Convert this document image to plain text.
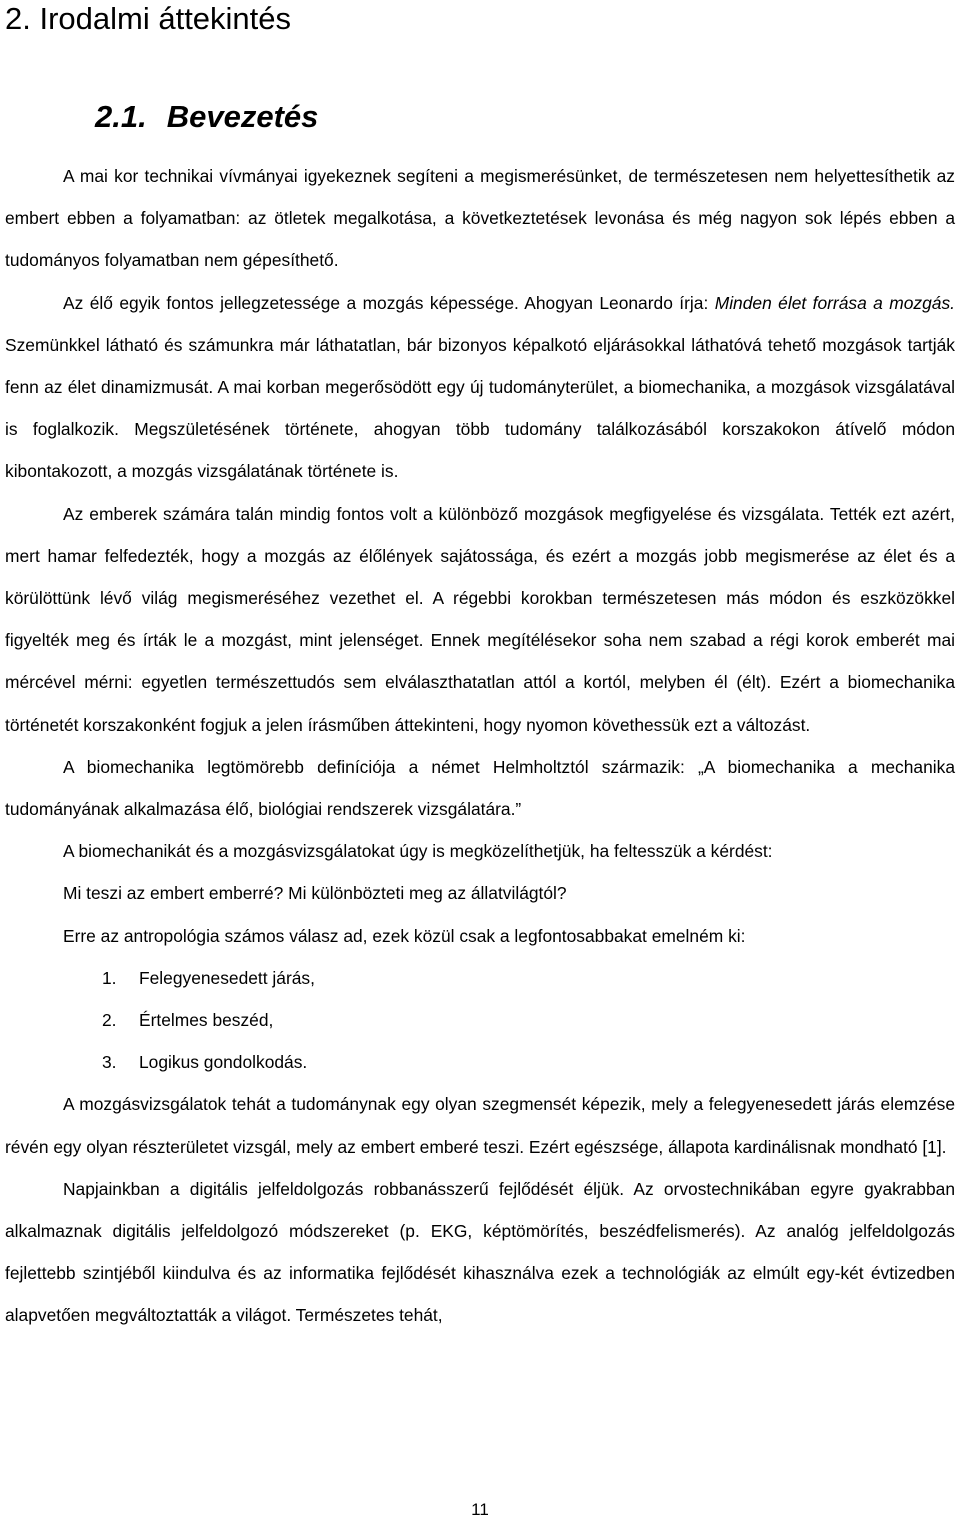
2. Irodalmi áttekintés
2.1. Bevezetés

A mai kor technikai vívmányai igyekeznek segíteni a megismerésünket, de természetesen nem helyettesíthetik az embert ebben a folyamatban: az ötletek megalkotása, a következtetések levonása és még nagyon sok lépés ebben a tudományos folyamatban nem gépesíthető.

Az élő egyik fontos jellegzetessége a mozgás képessége. Ahogyan Leonardo írja: Minden élet forrása a mozgás. Szemünkkel látható és számunkra már láthatatlan, bár bizonyos képalkotó eljárásokkal láthatóvá tehető mozgások tartják fenn az élet dinamizmusát. A mai korban megerősödött egy új tudományterület, a biomechanika, a mozgások vizsgálatával is foglalkozik. Megszületésének története, ahogyan több tudomány találkozásából korszakokon átívelő módon kibontakozott, a mozgás vizsgálatának története is.

Az emberek számára talán mindig fontos volt a különböző mozgások megfigyelése és vizsgálata. Tették ezt azért, mert hamar felfedezték, hogy a mozgás az élőlények sajátossága, és ezért a mozgás jobb megismerése az élet és a körülöttünk lévő világ megismeréséhez vezethet el. A régebbi korokban természetesen más módon és eszközökkel figyelték meg és írták le a mozgást, mint jelenséget. Ennek megítélésekor soha nem szabad a régi korok emberét mai mércével mérni: egyetlen természettudós sem elválaszthatatlan attól a kortól, melyben él (élt). Ezért a biomechanika történetét korszakonként fogjuk a jelen írásműben áttekinteni, hogy nyomon követhessük ezt a változást.

A biomechanika legtömörebb definíciója a német Helmholtztól származik: „A biomechanika a mechanika tudományának alkalmazása élő, biológiai rendszerek vizsgálatára.”

A biomechanikát és a mozgásvizsgálatokat úgy is megközelíthetjük, ha feltesszük a kérdést:

Mi teszi az embert emberré? Mi különbözteti meg az állatvilágtól?

Erre az antropológia számos válasz ad, ezek közül csak a legfontosabbakat emelném ki:

1. Felegyenesedett járás,
2. Értelmes beszéd,
3. Logikus gondolkodás.

A mozgásvizsgálatok tehát a tudománynak egy olyan szegmensét képezik, mely a felegyenesedett járás elemzése révén egy olyan részterületet vizsgál, mely az embert emberé teszi. Ezért egészsége, állapota kardinálisnak mondható [1].

Napjainkban a digitális jelfeldolgozás robbanásszerű fejlődését éljük. Az orvostechnikában egyre gyakrabban alkalmaznak digitális jelfeldolgozó módszereket (p. EKG, képtömörítés, beszédfelismerés). Az analóg jelfeldolgozás fejlettebb szintjéből kiindulva és az informatika fejlődését kihasználva ezek a technológiák az elmúlt egy-két évtizedben alapvetően megváltoztatták a világot. Természetes tehát,

11
